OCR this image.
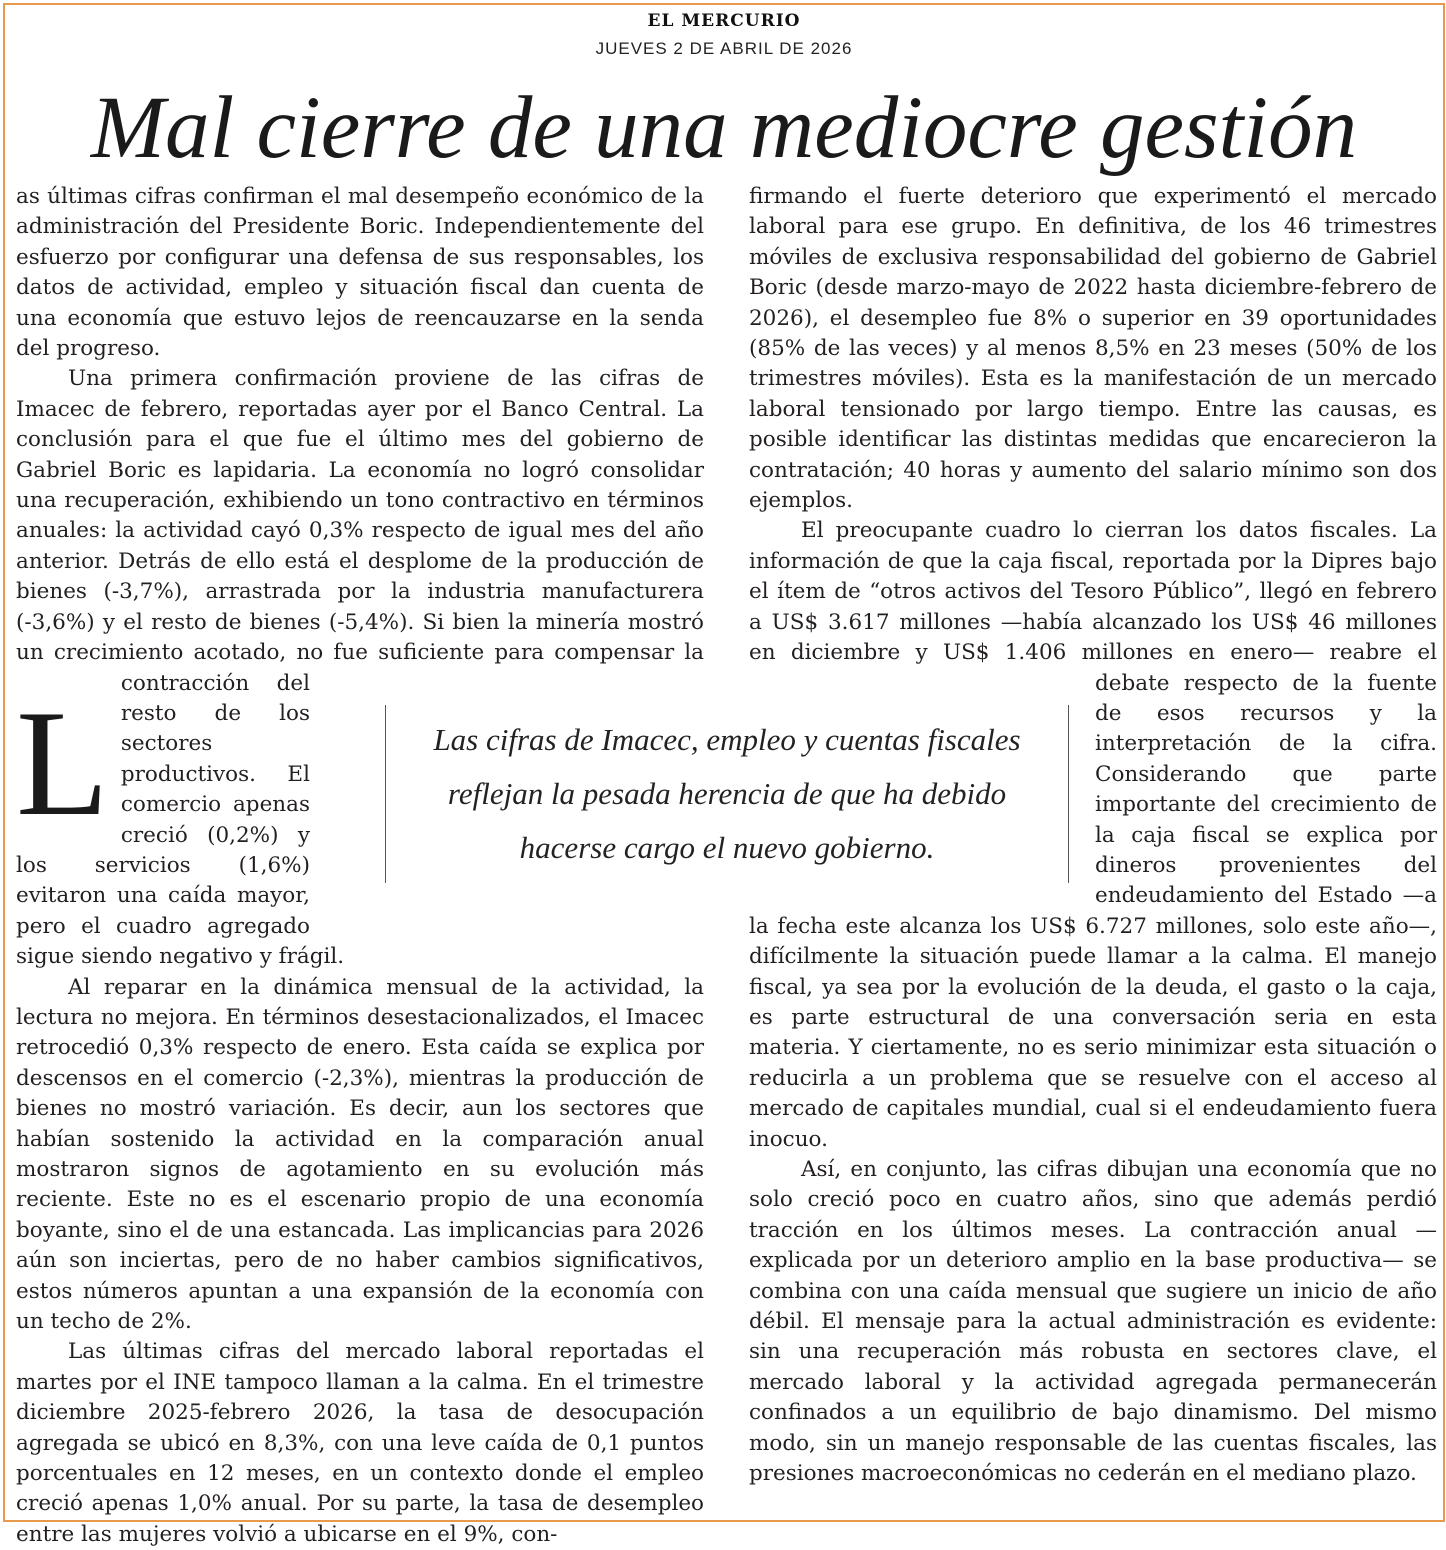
EL MERCURIO
JUEVES 2 DE ABRIL DE 2026
Mal cierre de una mediocre gestión

L
as últimas cifras confirman el mal desempeño económico de la administración del Presidente Boric. Independientemente del esfuerzo por configurar una defensa de sus responsables, los datos de actividad, empleo y situación fiscal dan cuenta de una economía que estuvo lejos de reencauzarse en la senda del progreso.

Una primera confirmación proviene de las cifras de Imacec de febrero, reportadas ayer por el Banco Central. La conclusión para el que fue el último mes del gobierno de Gabriel Boric es lapidaria. La economía no logró consolidar una recuperación, exhibiendo un tono contractivo en términos anuales: la actividad cayó 0,3% respecto de igual mes del año anterior. Detrás de ello está el desplome de la producción de bienes (-3,7%), arrastrada por la industria manufacturera (-3,6%) y el resto de bienes (-5,4%). Si bien la minería mostró un crecimiento acotado, no fue suficiente para compensar la contracción del resto de los sectores productivos. El comercio apenas creció (0,2%) y los servicios (1,6%) evitaron una caída mayor, pero el cuadro agregado sigue siendo negativo y frágil.

Al reparar en la dinámica mensual de la actividad, la lectura no mejora. En términos desestacionalizados, el Imacec retrocedió 0,3% respecto de enero. Esta caída se explica por descensos en el comercio (-2,3%), mientras la producción de bienes no mostró variación. Es decir, aun los sectores que habían sostenido la actividad en la comparación anual mostraron signos de agotamiento en su evolución más reciente. Este no es el escenario propio de una economía boyante, sino el de una estancada. Las implicancias para 2026 aún son inciertas, pero de no haber cambios significativos, estos números apuntan a una expansión de la economía con un techo de 2%.

Las últimas cifras del mercado laboral reportadas el martes por el INE tampoco llaman a la calma. En el trimestre diciembre 2025-febrero 2026, la tasa de desocupación agregada se ubicó en 8,3%, con una leve caída de 0,1 puntos porcentuales en 12 meses, en un contexto donde el empleo creció apenas 1,0% anual. Por su parte, la tasa de desempleo entre las mujeres volvió a ubicarse en el 9%, con-

firmando el fuerte deterioro que experimentó el mercado laboral para ese grupo. En definitiva, de los 46 trimestres móviles de exclusiva responsabilidad del gobierno de Gabriel Boric (desde marzo-mayo de 2022 hasta diciembre-febrero de 2026), el desempleo fue 8% o superior en 39 oportunidades (85% de las veces) y al menos 8,5% en 23 meses (50% de los trimestres móviles). Esta es la manifestación de un mercado laboral tensionado por largo tiempo. Entre las causas, es posible identificar las distintas medidas que encarecieron la contratación; 40 horas y aumento del salario mínimo son dos ejemplos.

El preocupante cuadro lo cierran los datos fiscales. La información de que la caja fiscal, reportada por la Dipres bajo el ítem de “otros activos del Tesoro Público”, llegó en febrero a US$ 3.617 millones —había alcanzado los US$ 46 millones en diciembre y US$ 1.406 millones en enero— reabre el debate respecto de la fuente de esos recursos y la interpretación de la cifra. Considerando que parte importante del crecimiento de la caja fiscal se explica por dineros provenientes del endeudamiento del Estado —a la fecha este alcanza los US$ 6.727 millones, solo este año—, difícilmente la situación puede llamar a la calma. El manejo fiscal, ya sea por la evolución de la deuda, el gasto o la caja, es parte estructural de una conversación seria en esta materia. Y ciertamente, no es serio minimizar esta situación o reducirla a un problema que se resuelve con el acceso al mercado de capitales mundial, cual si el endeudamiento fuera inocuo.

Así, en conjunto, las cifras dibujan una economía que no solo creció poco en cuatro años, sino que además perdió tracción en los últimos meses. La contracción anual —explicada por un deterioro amplio en la base productiva— se combina con una caída mensual que sugiere un inicio de año débil. El mensaje para la actual administración es evidente: sin una recuperación más robusta en sectores clave, el mercado laboral y la actividad agregada permanecerán confinados a un equilibrio de bajo dinamismo. Del mismo modo, sin un manejo responsable de las cuentas fiscales, las presiones macroeconómicas no cederán en el mediano plazo.

Las cifras de Imacec, empleo y cuentas fiscales reflejan la pesada herencia de que ha debido hacerse cargo el nuevo gobierno.
